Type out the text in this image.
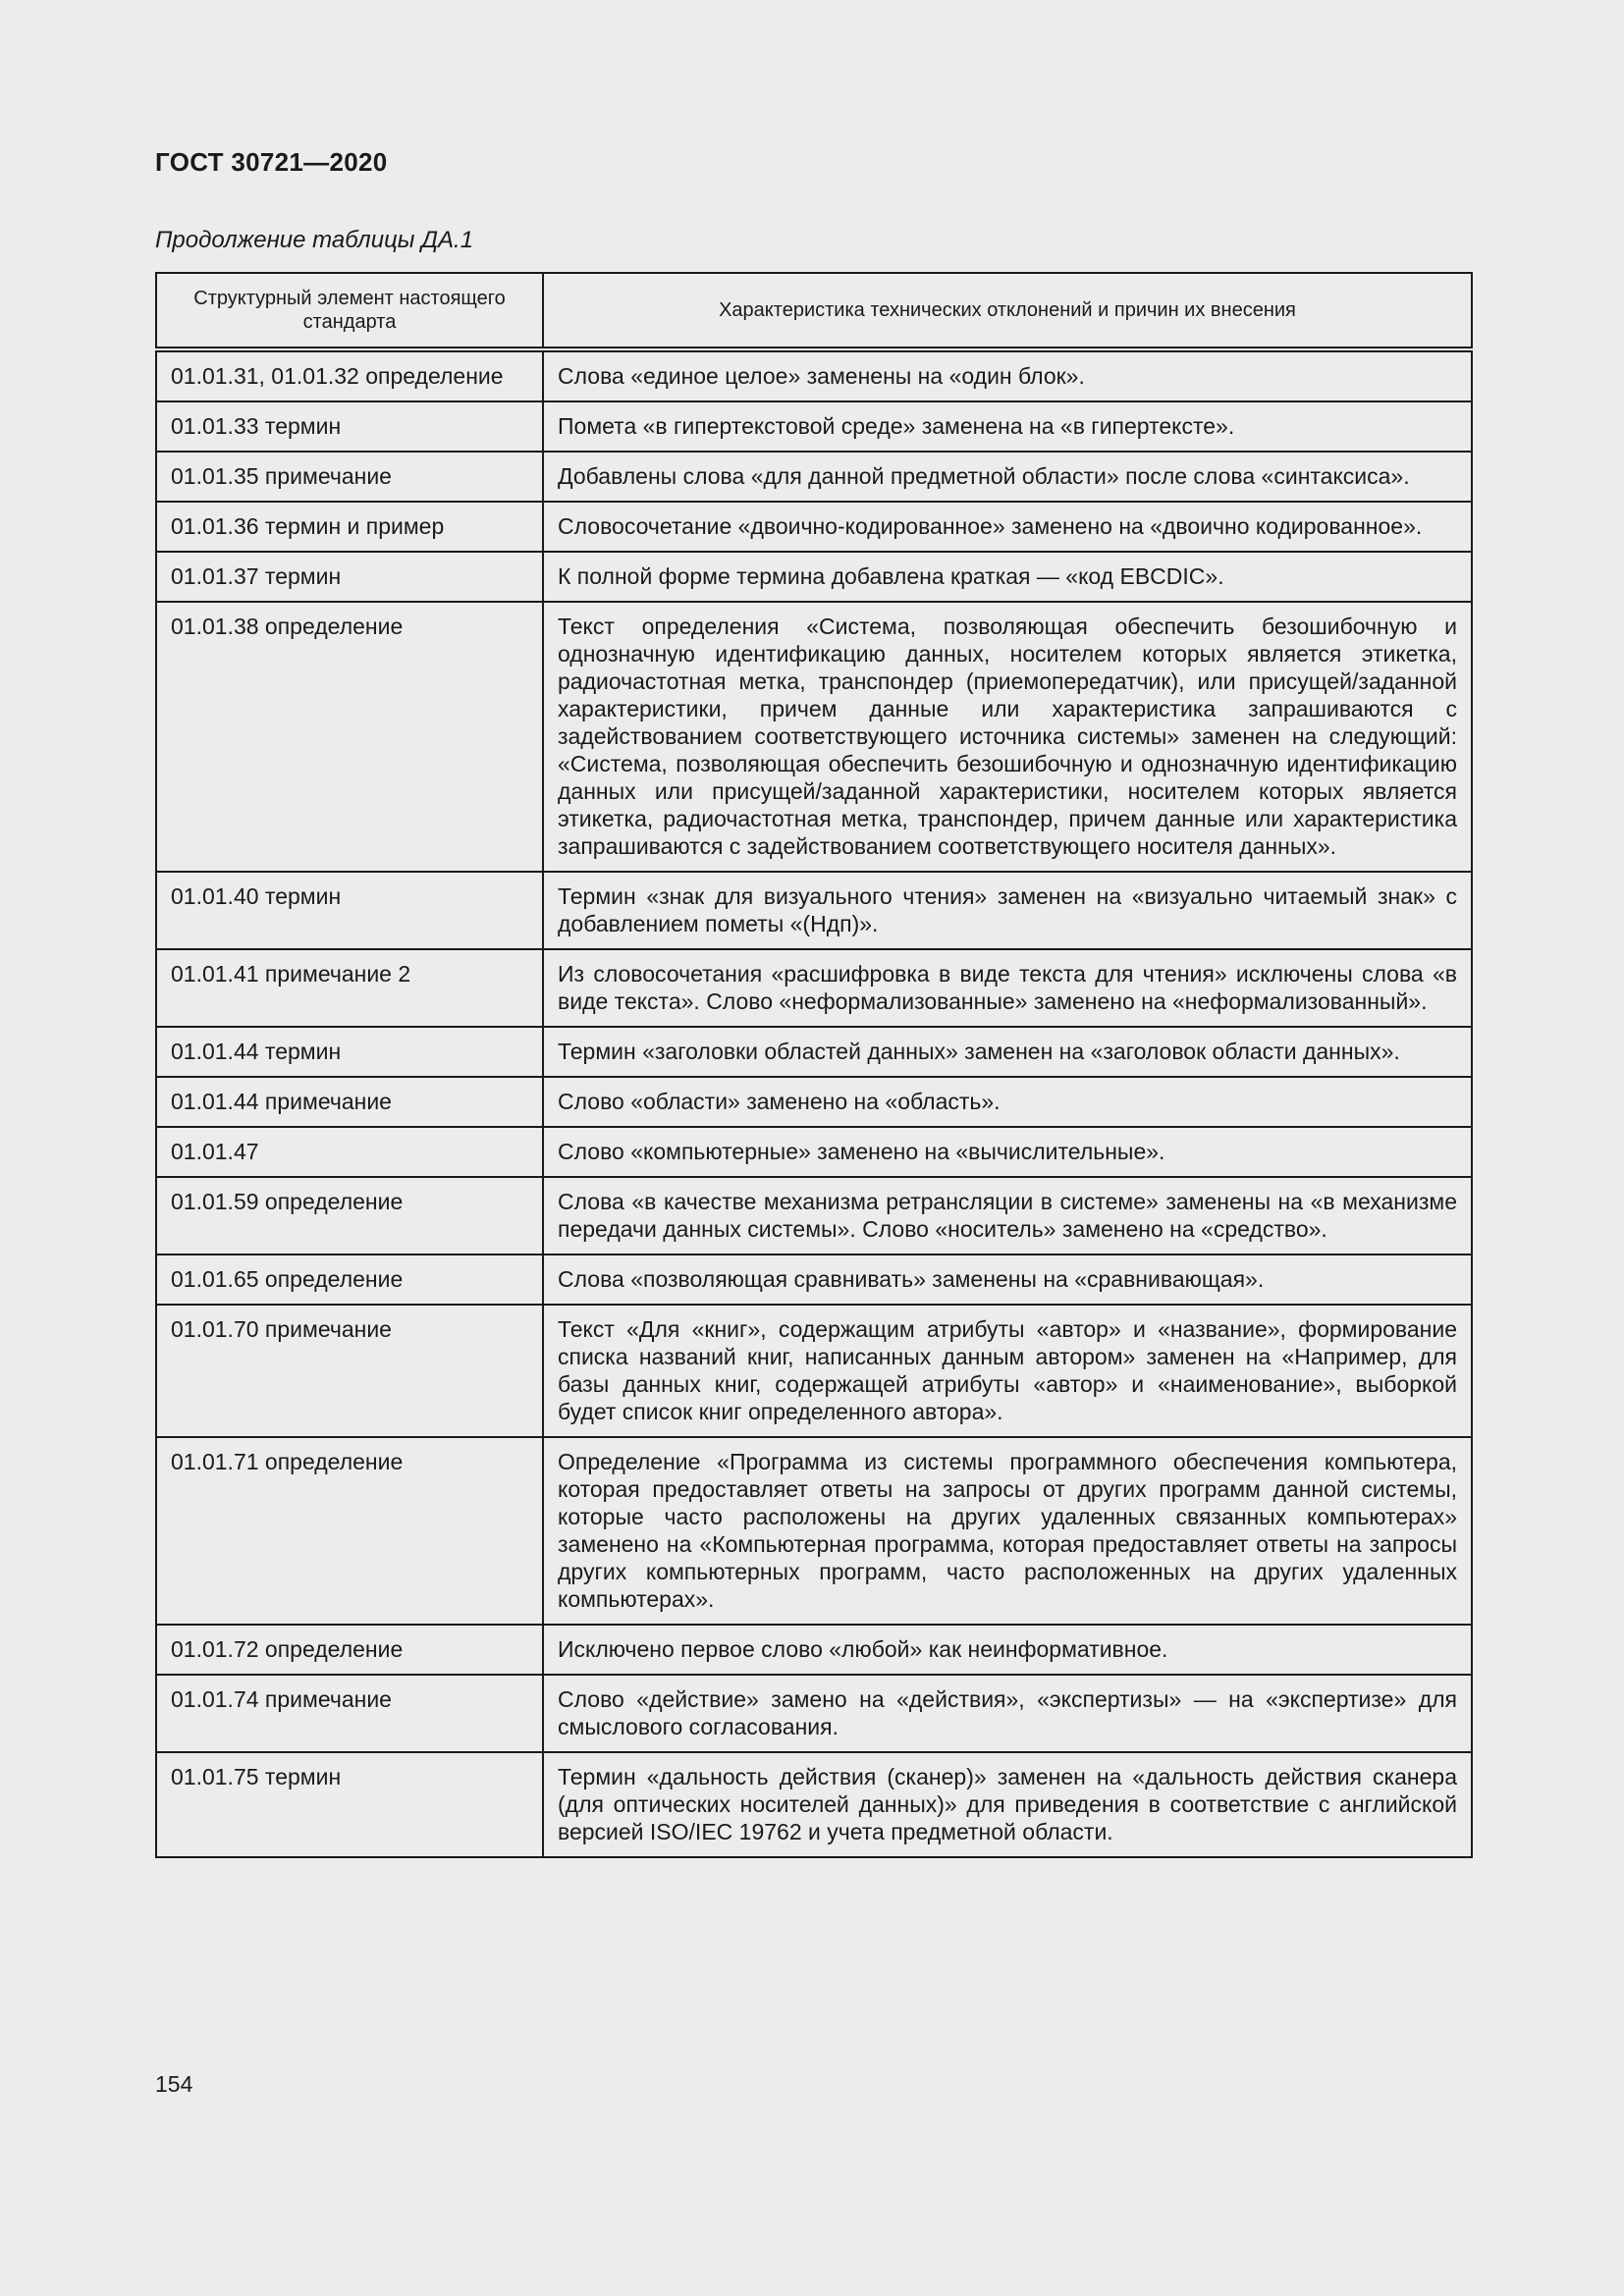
ГОСТ 30721—2020
Продолжение таблицы ДА.1
Структурный элемент настоящего стандарта	Характеристика технических отклонений и причин их внесения
01.01.31, 01.01.32 определение	Слова «единое целое» заменены на «один блок».
01.01.33 термин	Помета «в гипертекстовой среде» заменена на «в гипертексте».
01.01.35 примечание	Добавлены слова «для данной предметной области» после слова «синтаксиса».
01.01.36 термин и пример	Словосочетание «двоично-кодированное» заменено на «двоично кодированное».
01.01.37 термин	К полной форме термина добавлена краткая — «код EBCDIC».
01.01.38 определение	Текст определения «Система, позволяющая обеспечить безошибочную и однозначную идентификацию данных, носителем которых является этикетка, радиочастотная метка, транспондер (приемопередатчик), или присущей/заданной характеристики, причем данные или характеристика запрашиваются с задействованием соответствующего источника системы» заменен на следующий: «Система, позволяющая обеспечить безошибочную и однозначную идентификацию данных или присущей/заданной характеристики, носителем которых является этикетка, радиочастотная метка, транспондер, причем данные или характеристика запрашиваются с задействованием соответствующего носителя данных».
01.01.40 термин	Термин «знак для визуального чтения» заменен на «визуально читаемый знак» с добавлением пометы «(Ндп)».
01.01.41 примечание 2	Из словосочетания «расшифровка в виде текста для чтения» исключены слова «в виде текста». Слово «неформализованные» заменено на «неформализованный».
01.01.44 термин	Термин «заголовки областей данных» заменен на «заголовок области данных».
01.01.44 примечание	Слово «области» заменено на «область».
01.01.47	Слово «компьютерные» заменено на «вычислительные».
01.01.59 определение	Слова «в качестве механизма ретрансляции в системе» заменены на «в механизме передачи данных системы». Слово «носитель» заменено на «средство».
01.01.65 определение	Слова «позволяющая сравнивать» заменены на «сравнивающая».
01.01.70 примечание	Текст «Для «книг», содержащим атрибуты «автор» и «название», формирование списка названий книг, написанных данным автором» заменен на «Например, для базы данных книг, содержащей атрибуты «автор» и «наименование», выборкой будет список книг определенного автора».
01.01.71 определение	Определение «Программа из системы программного обеспечения компьютера, которая предоставляет ответы на запросы от других программ данной системы, которые часто расположены на других удаленных связанных компьютерах» заменено на «Компьютерная программа, которая предоставляет ответы на запросы других компьютерных программ, часто расположенных на других удаленных компьютерах».
01.01.72 определение	Исключено первое слово «любой» как неинформативное.
01.01.74 примечание	Слово «действие» замено на «действия», «экспертизы» — на «экспертизе» для смыслового согласования.
01.01.75 термин	Термин «дальность действия (сканер)» заменен на «дальность действия сканера (для оптических носителей данных)» для приведения в соответствие с английской версией ISO/IEC 19762 и учета предметной области.
154
